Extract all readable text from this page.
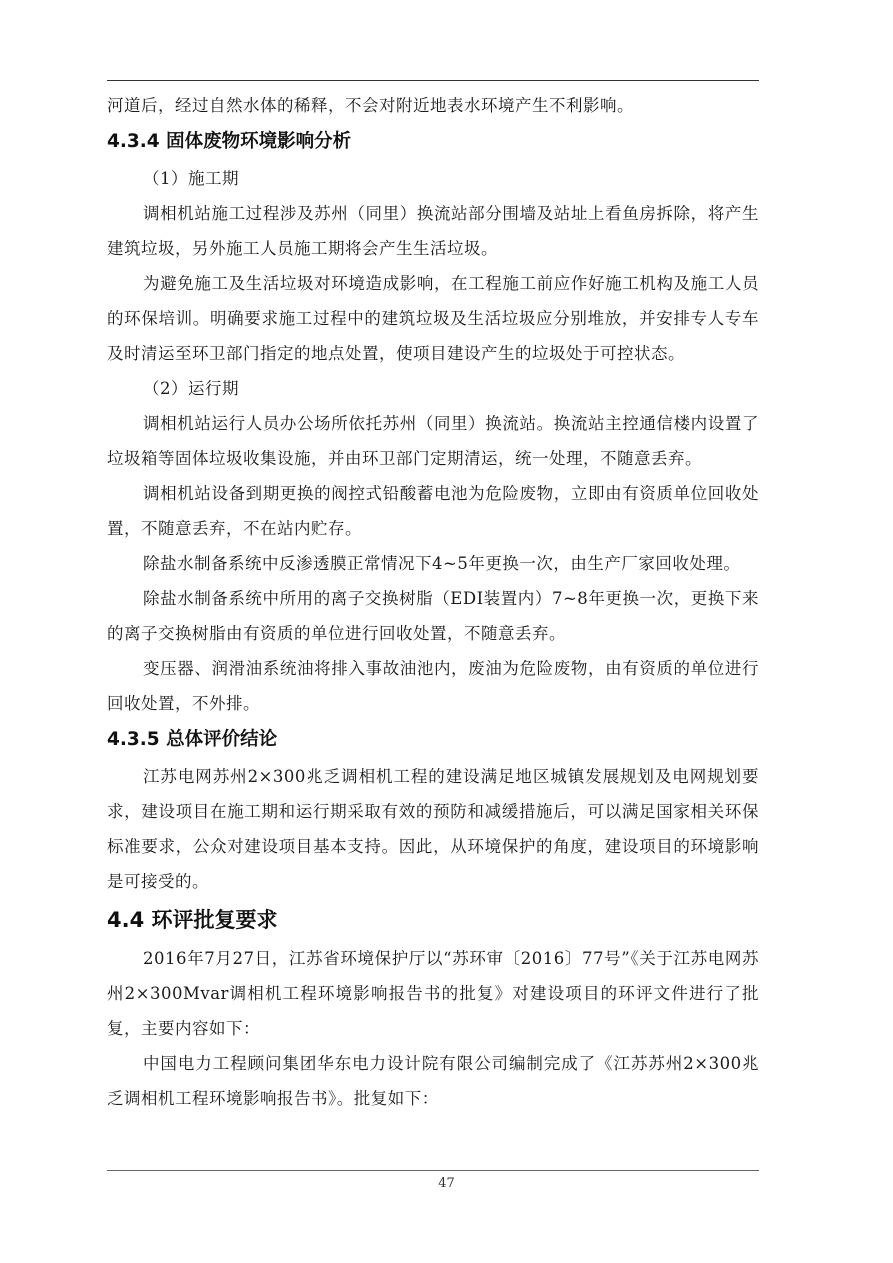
河道后，经过自然水体的稀释，不会对附近地表水环境产生不利影响。

4.3.4 固体废物环境影响分析

（1）施工期

调相机站施工过程涉及苏州（同里）换流站部分围墙及站址上看鱼房拆除，将产生建筑垃圾，另外施工人员施工期将会产生生活垃圾。

为避免施工及生活垃圾对环境造成影响，在工程施工前应作好施工机构及施工人员的环保培训。明确要求施工过程中的建筑垃圾及生活垃圾应分别堆放，并安排专人专车及时清运至环卫部门指定的地点处置，使项目建设产生的垃圾处于可控状态。

（2）运行期

调相机站运行人员办公场所依托苏州（同里）换流站。换流站主控通信楼内设置了垃圾箱等固体垃圾收集设施，并由环卫部门定期清运，统一处理，不随意丢弃。

调相机站设备到期更换的阀控式铅酸蓄电池为危险废物，立即由有资质单位回收处置，不随意丢弃，不在站内贮存。

除盐水制备系统中反渗透膜正常情况下4~5年更换一次，由生产厂家回收处理。

除盐水制备系统中所用的离子交换树脂（EDI装置内）7~8年更换一次，更换下来的离子交换树脂由有资质的单位进行回收处置，不随意丢弃。

变压器、润滑油系统油将排入事故油池内，废油为危险废物，由有资质的单位进行回收处置，不外排。

4.3.5 总体评价结论

江苏电网苏州2×300兆乏调相机工程的建设满足地区城镇发展规划及电网规划要求，建设项目在施工期和运行期采取有效的预防和减缓措施后，可以满足国家相关环保标准要求，公众对建设项目基本支持。因此，从环境保护的角度，建设项目的环境影响是可接受的。

4.4 环评批复要求

2016年7月27日，江苏省环境保护厅以“苏环审〔2016〕77号”《关于江苏电网苏州2×300Mvar调相机工程环境影响报告书的批复》对建设项目的环评文件进行了批复，主要内容如下：

中国电力工程顾问集团华东电力设计院有限公司编制完成了《江苏苏州2×300兆乏调相机工程环境影响报告书》。批复如下：

47
